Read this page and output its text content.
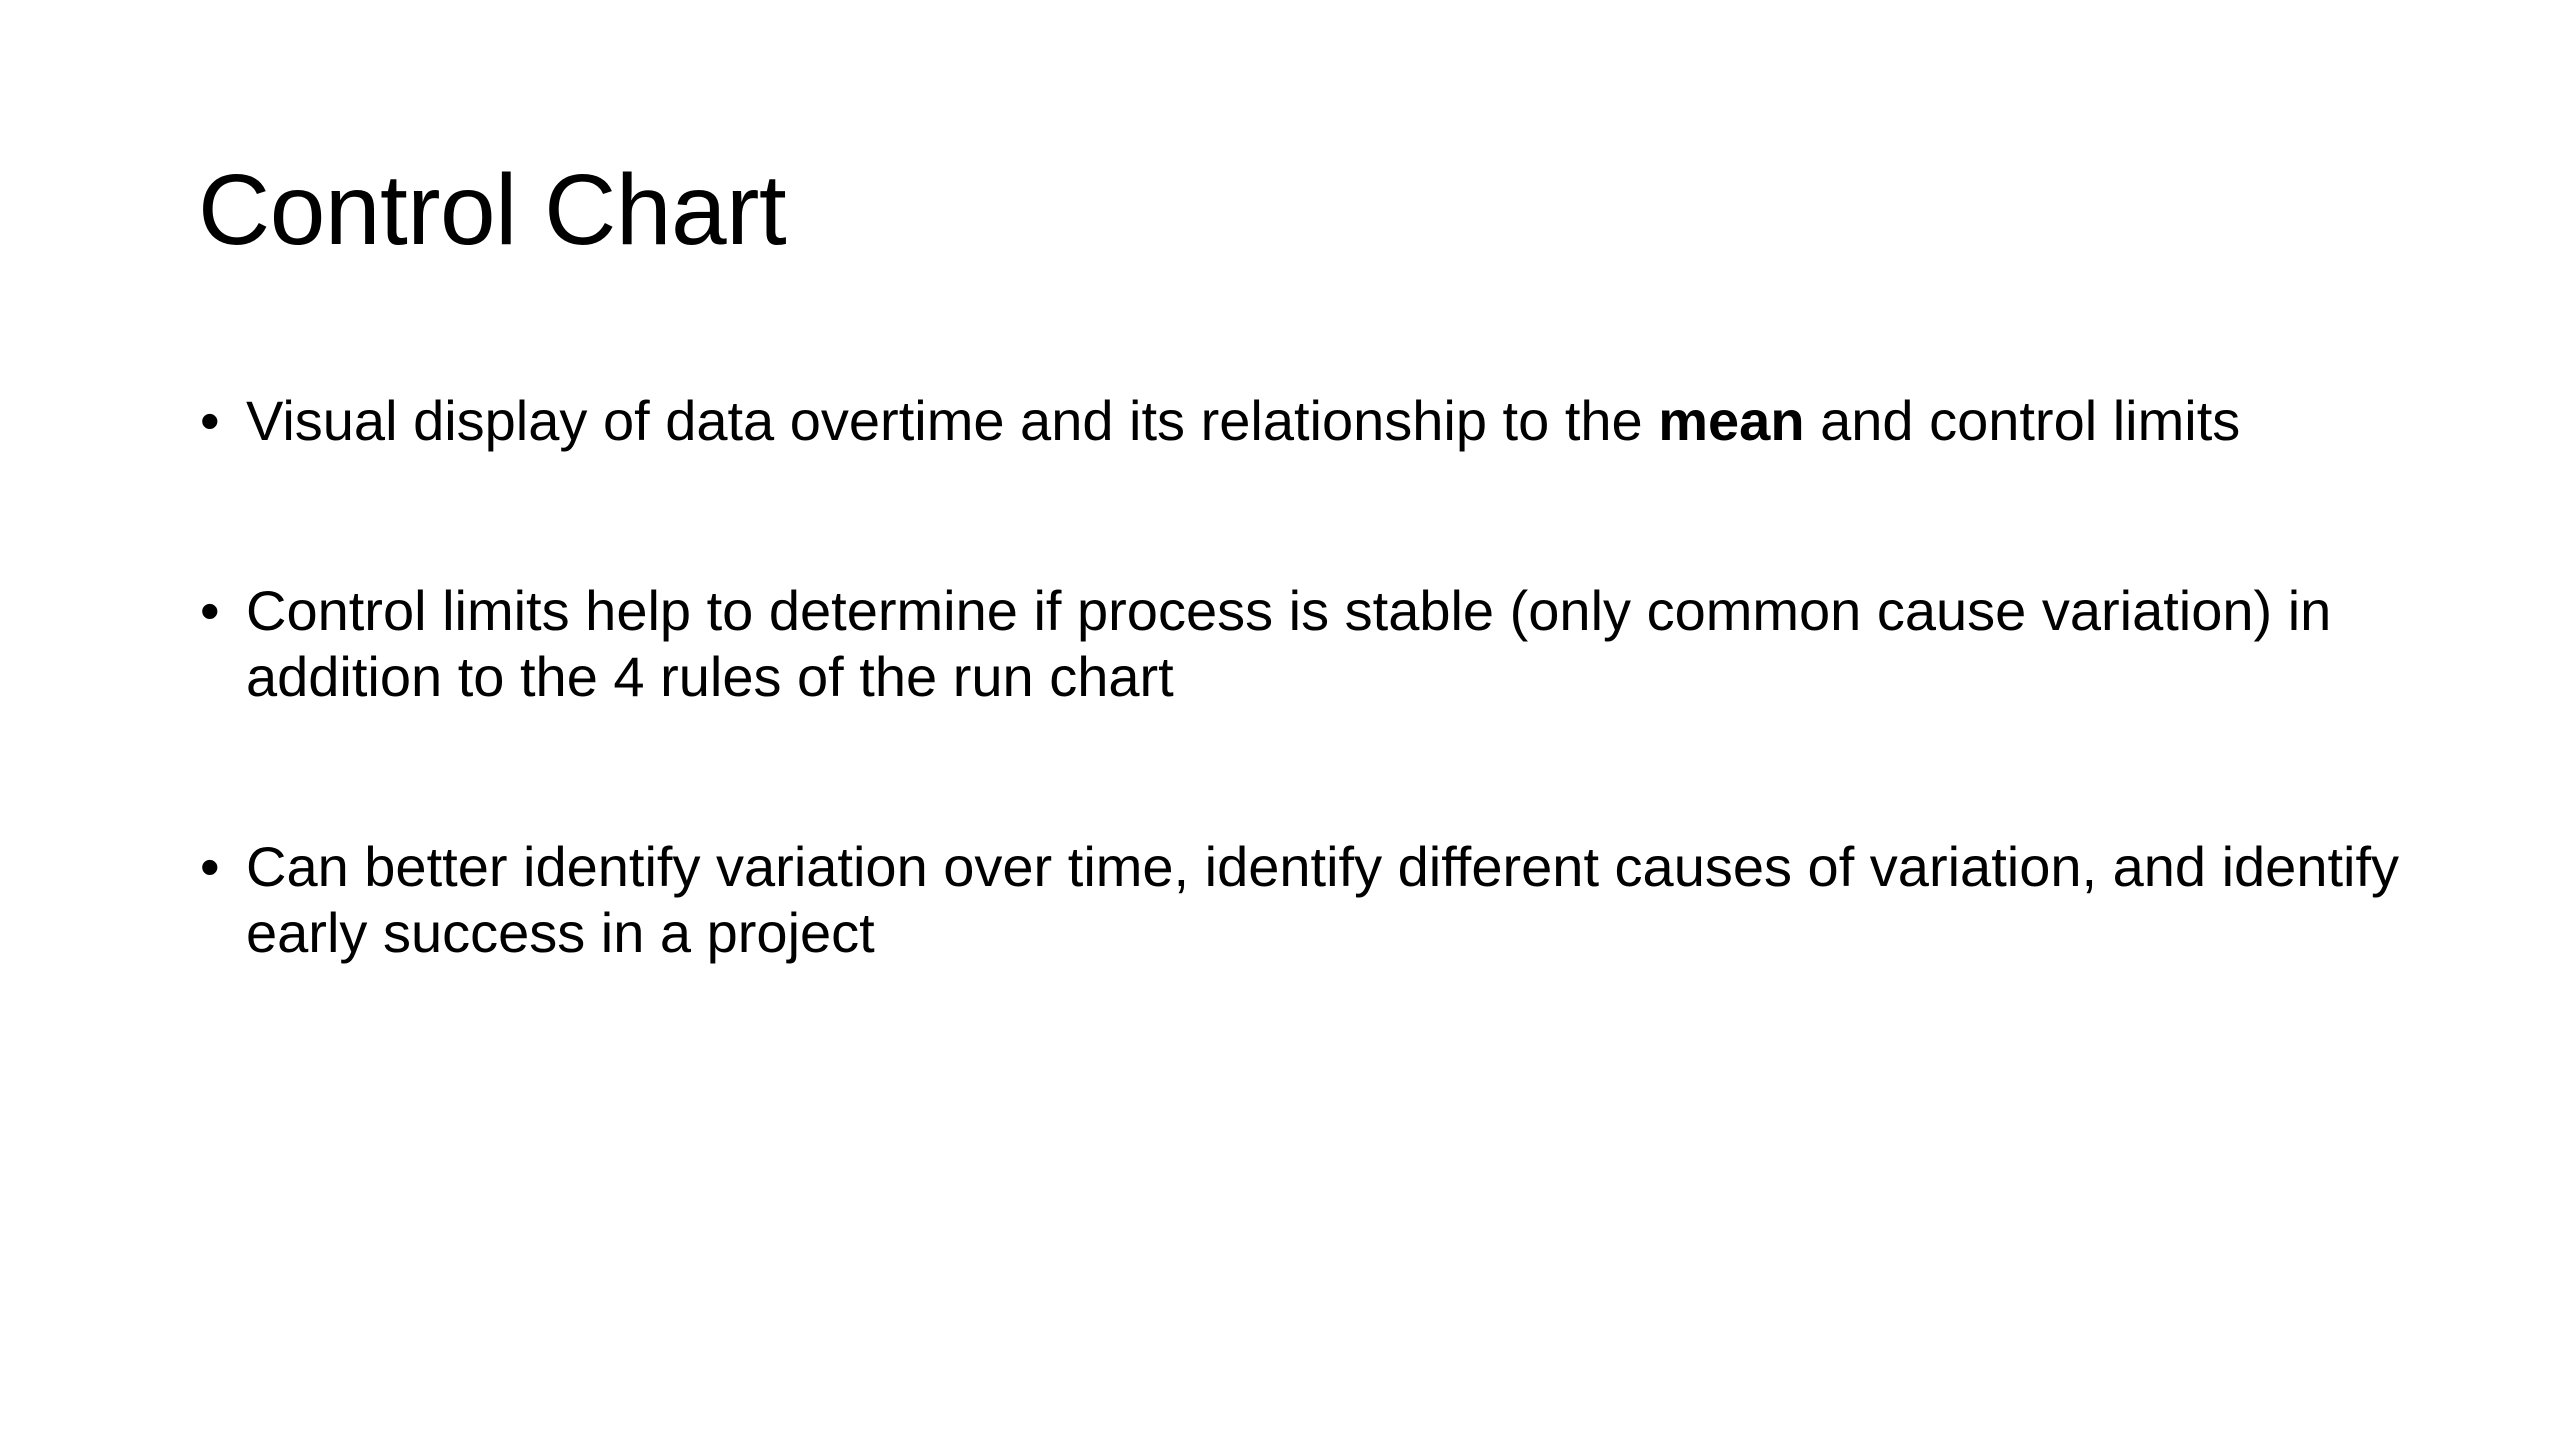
Control Chart
• Visual display of data overtime and its relationship to the mean and control limits
• Control limits help to determine if process is stable (only common cause variation) in addition to the 4 rules of the run chart
• Can better identify variation over time, identify different causes of variation, and identify early success in a project
